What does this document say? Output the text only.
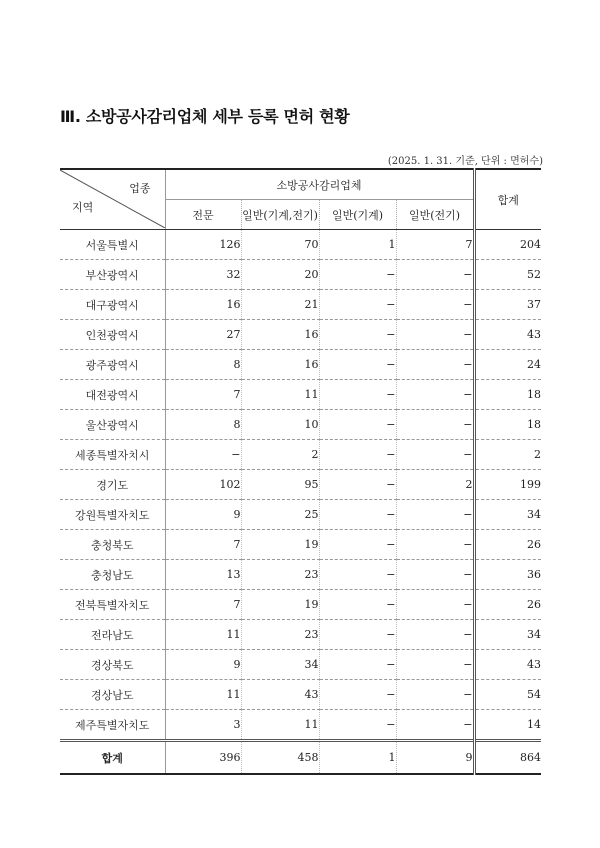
Ⅲ. 소방공사감리업체 세부 등록 면허 현황
(2025. 1. 31. 기준, 단위 : 면허수)
업종
지역	소방공사감리업체				합계
	전문	일반(기계,전기)	일반(기계)	일반(전기)	
서울특별시	126	70	1	7	204
부산광역시	32	20	−	−	52
대구광역시	16	21	−	−	37
인천광역시	27	16	−	−	43
광주광역시	8	16	−	−	24
대전광역시	7	11	−	−	18
울산광역시	8	10	−	−	18
세종특별자치시	−	2	−	−	2
경기도	102	95	−	2	199
강원특별자치도	9	25	−	−	34
충청북도	7	19	−	−	26
충청남도	13	23	−	−	36
전북특별자치도	7	19	−	−	26
전라남도	11	23	−	−	34
경상북도	9	34	−	−	43
경상남도	11	43	−	−	54
제주특별자치도	3	11	−	−	14
합계	396	458	1	9	864
